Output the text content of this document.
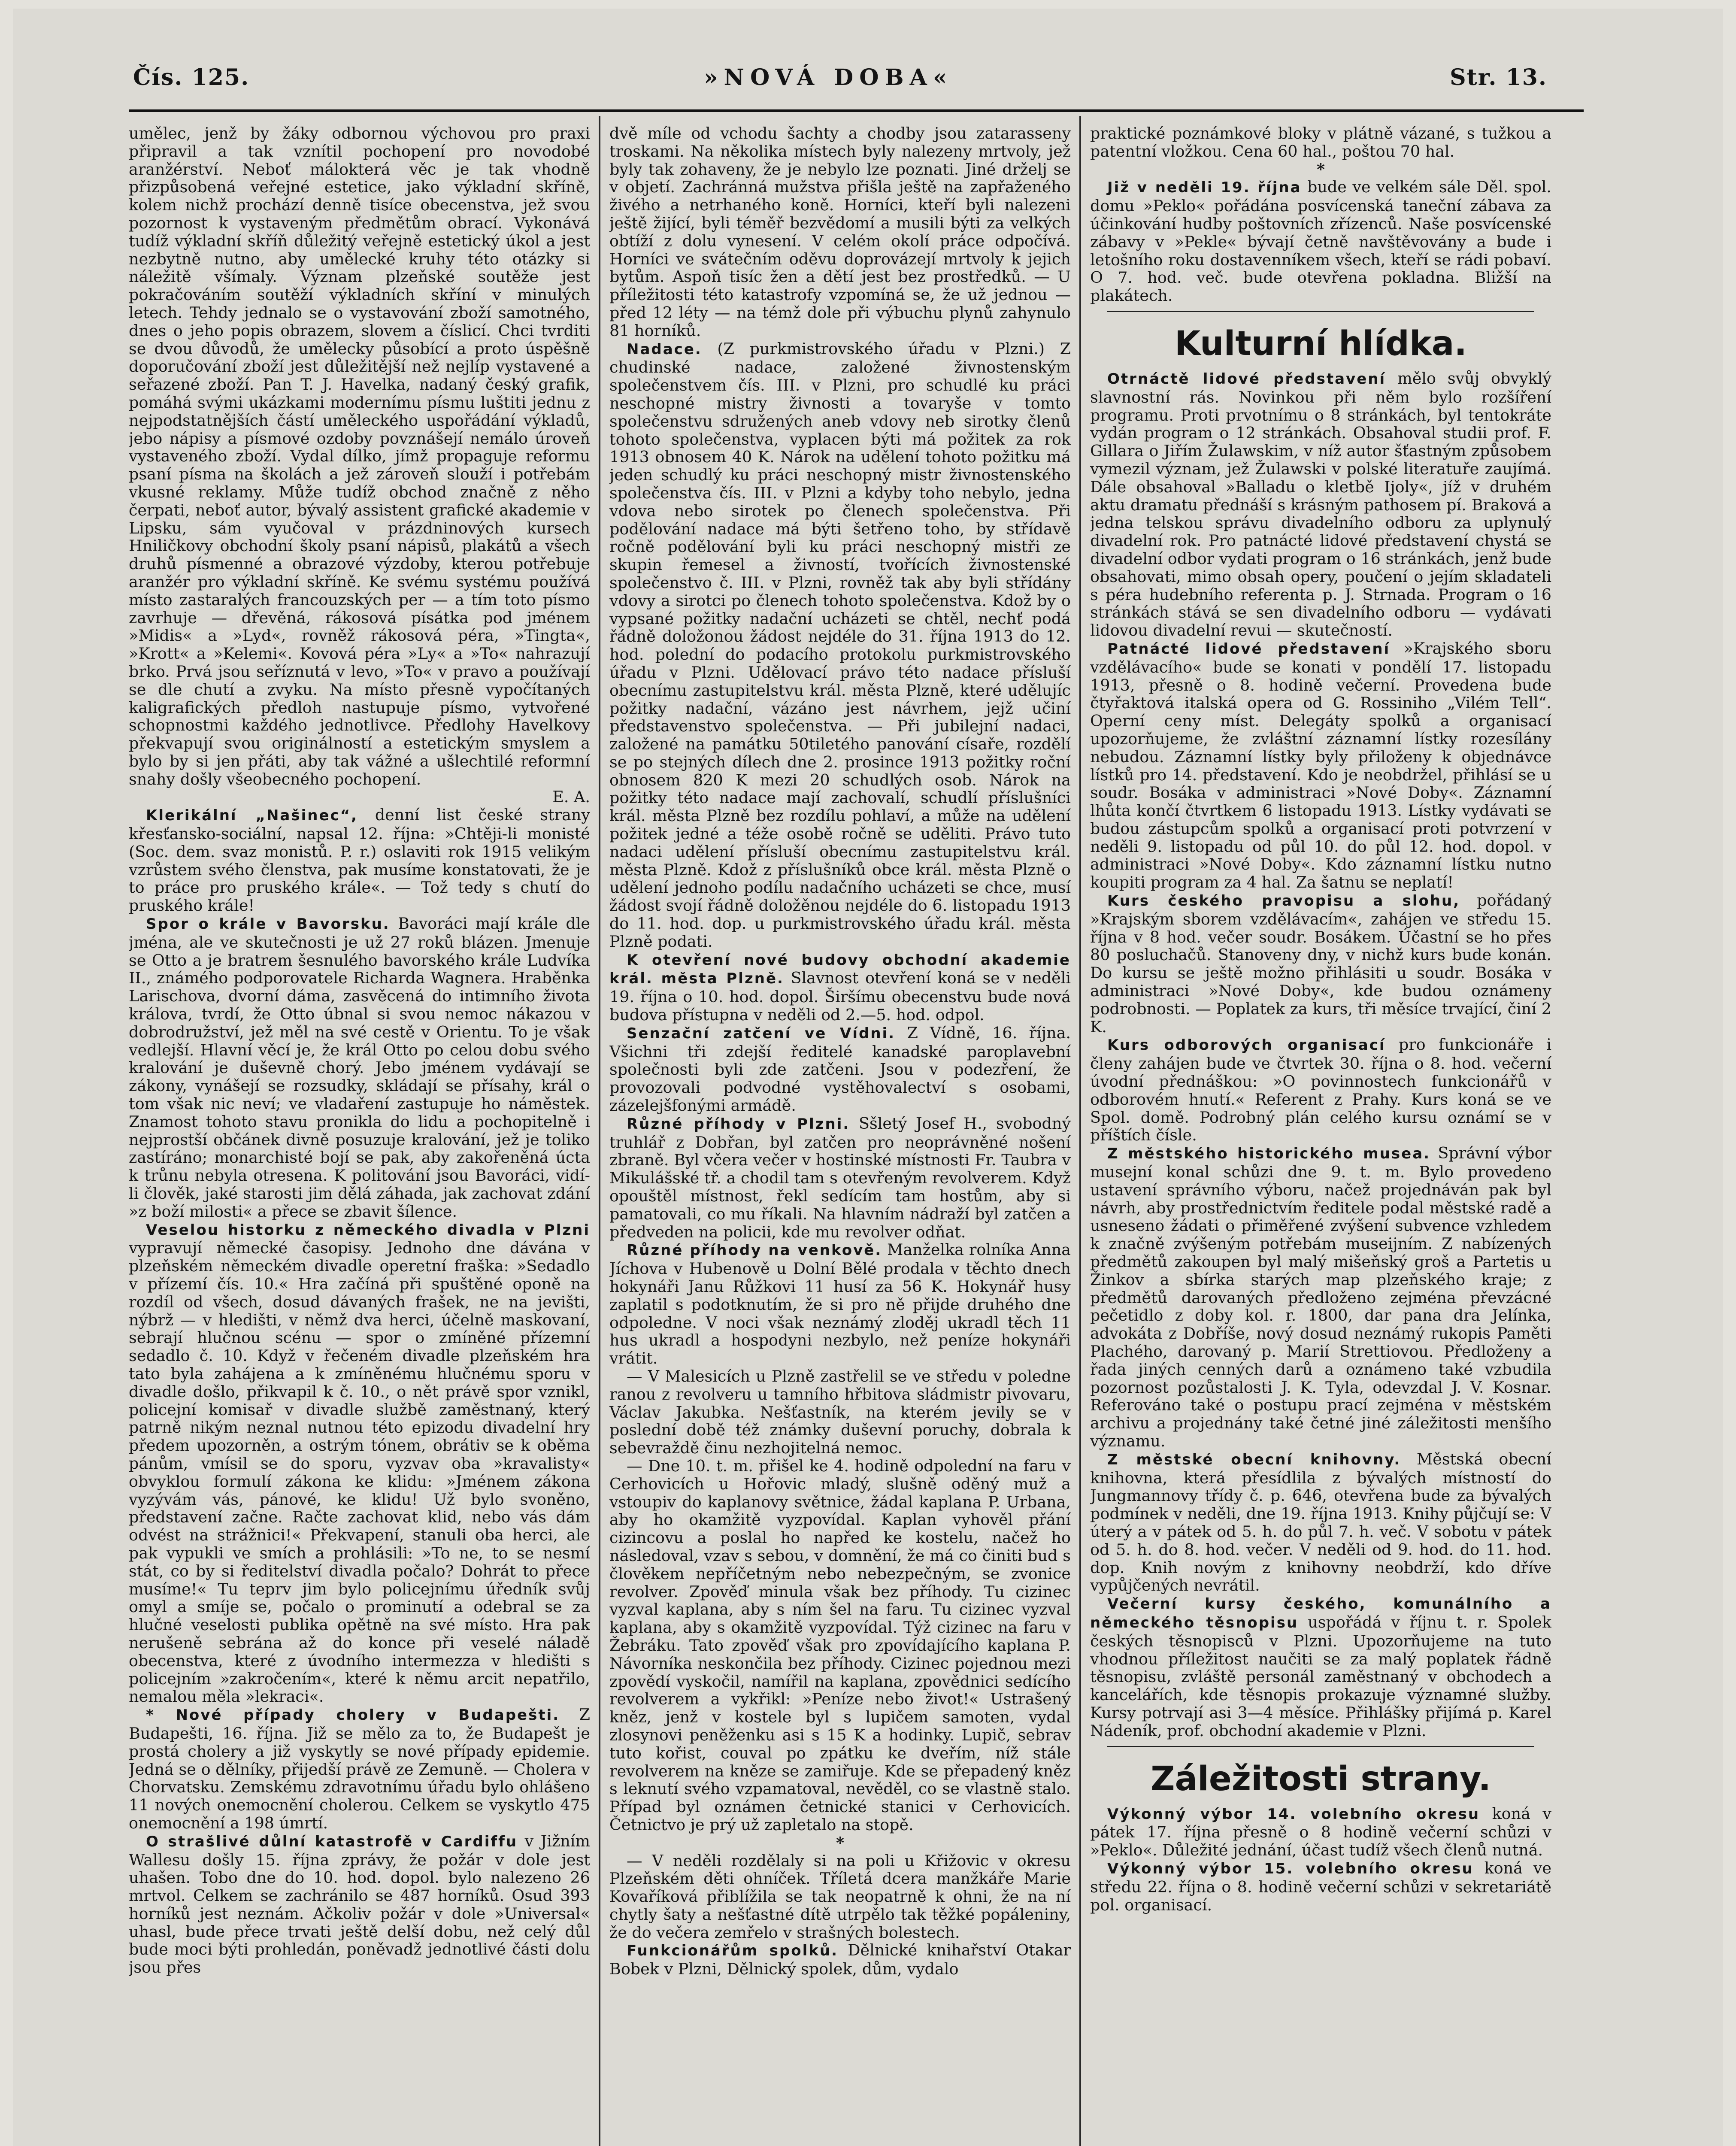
Čís. 125.	»NOVÁ DOBA«	Str. 13.

umělec, jenž by žáky odbornou výchovou pro praxi připravil a tak vznítil pochopení pro novodobé aranžérství. Neboť málokterá věc je tak vhodně přizpůsobená veřejné estetice, jako výkladní skříně, kolem nichž prochází denně tisíce obecenstva, jež svou pozornost k vystaveným předmětům obrací. Vykonává tudíž výkladní skříň důležitý veřejně estetický úkol a jest nezbytně nutno, aby umělecké kruhy této otázky si náležitě všímaly. Význam plzeňské soutěže jest pokračováním soutěží výkladních skříní v minulých letech. Tehdy jednalo se o vystavování zboží samotného, dnes o jeho popis obrazem, slovem a číslicí. Chci tvrditi se dvou důvodů, že umělecky působící a proto úspěšně doporučování zboží jest důležitější než nejlíp vystavené a seřazené zboží. Pan T. J. Havelka, nadaný český grafik, pomáhá svými ukázkami modernímu písmu luštiti jednu z nejpodstatnějších částí uměleckého uspořádání výkladů, jebo nápisy a písmové ozdoby povznášejí nemálo úroveň vystaveného zboží. Vydal dílko, jímž propaguje reformu psaní písma na školách a jež zároveň slouží i potřebám vkusné reklamy. Může tudíž obchod značně z něho čerpati, neboť autor, bývalý assistent grafické akademie v Lipsku, sám vyučoval v prázdninových kursech Hniličkovy obchodní školy psaní nápisů, plakátů a všech druhů písmenné a obrazové výzdoby, kterou potřebuje aranžér pro výkladní skříně. Ke svému systému používá místo zastaralých francouzských per — a tím toto písmo zavrhuje — dřevěná, rákosová písátka pod jménem »Midis« a »Lyd«, rovněž rákosová péra, »Tingta«, »Krott« a »Kelemi«. Kovová péra »Ly« a »To« nahrazují brko. Prvá jsou seříznutá v levo, »To« v pravo a používají se dle chutí a zvyku. Na místo přesně vypočítaných kaligrafických předloh nastupuje písmo, vytvořené schopnostmi každého jednotlivce. Předlohy Havelkovy překvapují svou originálností a estetickým smyslem a bylo by si jen přáti, aby tak vážné a ušlechtilé reformní snahy došly všeobecného pochopení.

E. A.

Klerikální „Našinec“, denní list české strany křesťansko-sociální, napsal 12. října: »Chtěji-li monisté (Soc. dem. svaz monistů. P. r.) oslaviti rok 1915 velikým vzrůstem svého členstva, pak musíme konstatovati, že je to práce pro pruského krále«. — Tož tedy s chutí do pruského krále!

Spor o krále v Bavorsku. Bavoráci mají krále dle jména, ale ve skutečnosti je už 27 roků blázen. Jmenuje se Otto a je bratrem šesnulého bavorského krále Ludvíka II., známého podporovatele Richarda Wagnera. Hraběnka Larischova, dvorní dáma, zasvěcená do intimního života králova, tvrdí, že Otto úbnal si svou nemoc nákazou v dobrodružství, jež měl na své cestě v Orientu. To je však vedlejší. Hlavní věcí je, že král Otto po celou dobu svého kralování je duševně chorý. Jebo jménem vydávají se zákony, vynášejí se rozsudky, skládají se přísahy, král o tom však nic neví; ve vladaření zastupuje ho náměstek. Znamost tohoto stavu pronikla do lidu a pochopitelně i nejprostší občánek divně posuzuje kralování, jež je toliko zastíráno; monarchisté bojí se pak, aby zakořeněná úcta k trůnu nebyla otresena. K politování jsou Bavoráci, vidí-li člověk, jaké starosti jim dělá záhada, jak zachovat zdání »z boží milosti« a přece se zbavit šílence.

Veselou historku z německého divadla v Plzni vypravují německé časopisy. Jednoho dne dávána v plzeňském německém divadle operetní fraška: »Sedadlo v přízemí čís. 10.« Hra začíná při spuštěné oponě na rozdíl od všech, dosud dávaných frašek, ne na jevišti, nýbrž — v hledišti, v němž dva herci, účelně maskovaní, sebrají hlučnou scénu — spor o zmíněné přízemní sedadlo č. 10. Když v řečeném divadle plzeňském hra tato byla zahájena a k zmíněnému hlučnému sporu v divadle došlo, přikvapil k č. 10., o nět právě spor vznikl, policejní komisař v divadle službě zaměstnaný, který patrně nikým neznal nutnou této epizodu divadelní hry předem upozorněn, a ostrým tónem, obrátiv se k oběma pánům, vmísil se do sporu, vyzvav oba »kravalisty« obvyklou formulí zákona ke klidu: »Jménem zákona vyzývám vás, pánové, ke klidu! Už bylo svoněno, představení začne. Račte zachovat klid, nebo vás dám odvést na strážnici!« Překvapení, stanuli oba herci, ale pak vypukli ve smích a prohlásili: »To ne, to se nesmí stát, co by si ředitelství divadla počalo? Dohrát to přece musíme!« Tu teprv jim bylo policejnímu úředník svůj omyl a smíje se, počalo o prominutí a odebral se za hlučné veselosti publika opětně na své místo. Hra pak nerušeně sebrána až do konce při veselé náladě obecenstva, které z úvodního intermezza v hledišti s policejním »zakročením«, které k němu arcit nepatřilo, nemalou měla »lekraci«.

* Nové případy cholery v Budapešti. Z Budapešti, 16. října. Již se mělo za to, že Budapešt je prostá cholery a již vyskytly se nové případy epidemie. Jedná se o dělníky, přijedší právě ze Zemuně. — Cholera v Chorvatsku. Zemskému zdravotnímu úřadu bylo ohlášeno 11 nových onemocnění cholerou. Celkem se vyskytlo 475 onemocnění a 198 úmrtí.

O strašlivé důlní katastrofě v Cardiffu v Jižním Wallesu došly 15. října zprávy, že požár v dole jest uhašen. Tobo dne do 10. hod. dopol. bylo nalezeno 26 mrtvol. Celkem se zachránilo se 487 horníků. Osud 393 horníků jest neznám. Ačkoliv požár v dole »Universal« uhasl, bude přece trvati ještě delší dobu, než celý důl bude moci býti prohledán, poněvadž jednotlivé části dolu jsou přes

dvě míle od vchodu šachty a chodby jsou zatarasseny troskami. Na několika místech byly nalezeny mrtvoly, jež byly tak zohaveny, že je nebylo lze poznati. Jiné drželj se v objetí. Zachránná mužstva přišla ještě na zapřaženého živého a netrhaného koně. Horníci, kteří byli nalezeni ještě žijící, byli téměř bezvědomí a musili býti za velkých obtíží z dolu vynesení. V celém okolí práce odpočívá. Horníci ve svátečním oděvu doprovázejí mrtvoly k jejich bytům. Aspoň tisíc žen a dětí jest bez prostředků. — U příležitosti této katastrofy vzpomíná se, že už jednou — před 12 léty — na témž dole při výbuchu plynů zahynulo 81 horníků.

Nadace. (Z purkmistrovského úřadu v Plzni.) Z chudinské nadace, založené živnostenským společenstvem čís. III. v Plzni, pro schudlé ku práci neschopné mistry živnosti a tovaryše v tomto společenstvu sdružených aneb vdovy neb sirotky členů tohoto společenstva, vyplacen býti má požitek za rok 1913 obnosem 40 K. Nárok na udělení tohoto požitku má jeden schudlý ku práci neschopný mistr živnostenského společenstva čís. III. v Plzni a kdyby toho nebylo, jedna vdova nebo sirotek po členech společenstva. Při podělování nadace má býti šetřeno toho, by střídavě ročně podělování byli ku práci neschopný mistři ze skupin řemesel a živností, tvořících živnostenské společenstvo č. III. v Plzni, rovněž tak aby byli střídány vdovy a sirotci po členech tohoto společenstva. Kdož by o vypsané požitky nadační ucházeti se chtěl, nechť podá řádně doložonou žádost nejdéle do 31. října 1913 do 12. hod. polední do podacího protokolu purkmistrovského úřadu v Plzni. Udělovací právo této nadace přísluší obecnímu zastupitelstvu král. města Plzně, které udělujíc požitky nadační, vázáno jest návrhem, jejž učiní představenstvo společenstva. — Při jubilejní nadaci, založené na památku 50tiletého panování císaře, rozdělí se po stejných dílech dne 2. prosince 1913 požitky roční obnosem 820 K mezi 20 schudlých osob. Nárok na požitky této nadace mají zachovalí, schudlí příslušníci král. města Plzně bez rozdílu pohlaví, a může na udělení požitek jedné a téže osobě ročně se uděliti. Právo tuto nadaci udělení přísluší obecnímu zastupitelstvu král. města Plzně. Kdož z příslušníků obce král. města Plzně o udělení jednoho podílu nadačního ucházeti se chce, musí žádost svojí řádně doložěnou nejdéle do 6. listopadu 1913 do 11. hod. dop. u purkmistrovského úřadu král. města Plzně podati.

K otevření nové budovy obchodní akademie král. města Plzně. Slavnost otevření koná se v neděli 19. října o 10. hod. dopol. Širšímu obecenstvu bude nová budova přístupna v neděli od 2.—5. hod. odpol.

Senzační zatčení ve Vídni. Z Vídně, 16. října. Všichni tři zdejší ředitelé kanadské paroplavební společnosti byli zde zatčeni. Jsou v podezření, že provozovali podvodné vystěhovalectví s osobami, zázelejšfonými armádě.

Různé příhody v Plzni. Sšletý Josef H., svobodný truhlář z Dobřan, byl zatčen pro neoprávněné nošení zbraně. Byl včera večer v hostinské místnosti Fr. Taubra v Mikulášské tř. a chodil tam s otevřeným revolverem. Když opouštěl místnost, řekl sedícím tam hostům, aby si pamatovali, co mu říkali. Na hlavním nádraží byl zatčen a předveden na policii, kde mu revolver odňat.

Různé příhody na venkově. Manželka rolníka Anna Jíchova v Hubenově u Dolní Bělé prodala v těchto dnech hokynáři Janu Růžkovi 11 husí za 56 K. Hokynář husy zaplatil s podotknutím, že si pro ně přijde druhého dne odpoledne. V noci však neznámý zloděj ukradl těch 11 hus ukradl a hospodyni nezbylo, než peníze hokynáři vrátit.

— V Malesicích u Plzně zastřelil se ve středu v poledne ranou z revolveru u tamního hřbitova sládmistr pivovaru, Václav Jakubka. Nešťastník, na kterém jevily se v poslední době též známky duševní poruchy, dobrala k sebevraždě činu nezhojitelná nemoc.

— Dne 10. t. m. přišel ke 4. hodině odpolední na faru v Cerhovicích u Hořovic mladý, slušně oděný muž a vstoupiv do kaplanovy světnice, žádal kaplana P. Urbana, aby ho okamžitě vyzpovídal. Kaplan vyhověl přání cizincovu a poslal ho napřed ke kostelu, načež ho následoval, vzav s sebou, v domnění, že má co činiti bud s člověkem nepříčetným nebo nebezpečným, se zvonice revolver. Zpověď minula však bez příhody. Tu cizinec vyzval kaplana, aby s ním šel na faru. Tu cizinec vyzval kaplana, aby s okamžitě vyzpovídal. Týž cizinec na faru v Žebráku. Tato zpověď však pro zpovídajícího kaplana P. Návorníka neskončila bez příhody. Cizinec pojednou mezi zpovědí vyskočil, namířil na kaplana, zpovědnici sedícího revolverem a vykřikl: »Peníze nebo život!« Ustrašený kněz, jenž v kostele byl s lupičem samoten, vydal zlosynovi peněženku asi s 15 K a hodinky. Lupič, sebrav tuto kořist, couval po zpátku ke dveřím, níž stále revolverem na kněze se zamiřuje. Kde se přepadený kněz s leknutí svého vzpamatoval, nevěděl, co se vlastně stalo. Případ byl oznámen četnické stanici v Cerhovicích. Četnictvo je prý už zapletalo na stopě.

*

— V neděli rozdělaly si na poli u Křižovic v okresu Plzeňském děti ohníček. Tříletá dcera manžkáře Marie Kovaříková přiblížila se tak neopatrně k ohni, že na ní chytly šaty a nešťastné dítě utrpělo tak těžké popáleniny, že do večera zemřelo v strašných bolestech.

Funkcionářům spolků. Dělnické knihařství Otakar Bobek v Plzni, Dělnický spolek, dům, vydalo

praktické poznámkové bloky v plátně vázané, s tužkou a patentní vložkou. Cena 60 hal., poštou 70 hal.

*

Již v neděli 19. října bude ve velkém sále Děl. spol. domu »Peklo« pořádána posvícenská taneční zábava za účinkování hudby poštovních zřízenců. Naše posvícenské zábavy v »Pekle« bývají četně navštěvovány a bude i letošního roku dostavenníkem všech, kteří se rádi pobaví. O 7. hod. več. bude otevřena pokladna. Bližší na plakátech.

Kulturní hlídka.

Otrnáctě lidové představení mělo svůj obvyklý slavnostní rás. Novinkou při něm bylo rozšíření programu. Proti prvotnímu o 8 stránkách, byl tentokráte vydán program o 12 stránkách. Obsahoval studii prof. F. Gillara o Jiřím Žulawskim, v níž autor šťastným způsobem vymezil význam, jež Žulawski v polské literatuře zaujímá. Dále obsahoval »Balladu o kletbě Ijoly«, jíž v druhém aktu dramatu přednáší s krásným pathosem pí. Braková a jedna telskou správu divadelního odboru za uplynulý divadelní rok. Pro patnácté lidové představení chystá se divadelní odbor vydati program o 16 stránkách, jenž bude obsahovati, mimo obsah opery, poučení o jejím skladateli s péra hudebního referenta p. J. Strnada. Program o 16 stránkách stává se sen divadelního odboru — vydávati lidovou divadelní revui — skutečností.

Patnácté lidové představení »Krajského sboru vzdělávacího« bude se konati v pondělí 17. listopadu 1913, přesně o 8. hodině večerní. Provedena bude čtyřaktová italská opera od G. Rossiniho „Vilém Tell“. Operní ceny míst. Delegáty spolků a organisací upozorňujeme, že zvláštní záznamní lístky rozesílány nebudou. Záznamní lístky byly přiloženy k objednávce lístků pro 14. představení. Kdo je neobdržel, přihlásí se u soudr. Bosáka v administraci »Nové Doby«. Záznamní lhůta končí čtvrtkem 6 listopadu 1913. Lístky vydávati se budou zástupcům spolků a organisací proti potvrzení v neděli 9. listopadu od půl 10. do půl 12. hod. dopol. v administraci »Nové Doby«. Kdo záznamní lístku nutno koupiti program za 4 hal. Za šatnu se neplatí!

Kurs českého pravopisu a slohu, pořádaný »Krajským sborem vzdělávacím«, zahájen ve středu 15. října v 8 hod. večer soudr. Bosákem. Účastní se ho přes 80 posluchačů. Stanoveny dny, v nichž kurs bude konán. Do kursu se ještě možno přihlásiti u soudr. Bosáka v administraci »Nové Doby«, kde budou oznámeny podrobnosti. — Poplatek za kurs, tři měsíce trvající, činí 2 K.

Kurs odborových organisací pro funkcionáře i členy zahájen bude ve čtvrtek 30. října o 8. hod. večerní úvodní přednáškou: »O povinnostech funkcionářů v odborovém hnutí.« Referent z Prahy. Kurs koná se ve Spol. domě. Podrobný plán celého kursu oznámí se v příštích čísle.

Z městského historického musea. Správní výbor musejní konal schůzi dne 9. t. m. Bylo provedeno ustavení správního výboru, načež projednáván pak byl návrh, aby prostřednictvím ředitele podal městské radě a usneseno žádati o přiměřené zvýšení subvence vzhledem k značně zvýšeným potřebám museijním. Z nabízených předmětů zakoupen byl malý mišeňský groš a Partetis u Žinkov a sbírka starých map plzeňského kraje; z předmětů darovaných předloženo zejména převzácné pečetidlo z doby kol. r. 1800, dar pana dra Jelínka, advokáta z Dobříše, nový dosud neznámý rukopis Paměti Plachého, darovaný p. Marií Strettiovou. Předloženy a řada jiných cenných darů a oznámeno také vzbudila pozornost pozůstalosti J. K. Tyla, odevzdal J. V. Kosnar. Referováno také o postupu prací zejména v městském archivu a projednány také četné jiné záležitosti menšího významu.

Z městské obecní knihovny. Městská obecní knihovna, která přesídlila z bývalých místností do Jungmannovy třídy č. p. 646, otevřena bude za bývalých podmínek v neděli, dne 19. října 1913. Knihy půjčují se: V úterý a v pátek od 5. h. do půl 7. h. več. V sobotu v pátek od 5. h. do 8. hod. večer. V neděli od 9. hod. do 11. hod. dop. Knih novým z knihovny neobdrží, kdo dříve vypůjčených nevrátil.

Večerní kursy českého, komunálního a německého těsnopisu uspořádá v říjnu t. r. Spolek českých těsnopisců v Plzni. Upozorňujeme na tuto vhodnou příležitost naučiti se za malý poplatek řádně těsnopisu, zvláště personál zaměstnaný v obchodech a kancelářích, kde těsnopis prokazuje významné služby. Kursy potrvají asi 3—4 měsíce. Přihlášky přijímá p. Karel Nádeník, prof. obchodní akademie v Plzni.

Záležitosti strany.

Výkonný výbor 14. volebního okresu koná v pátek 17. října přesně o 8 hodině večerní schůzi v »Peklo«. Důležité jednání, účast tudíž všech členů nutná.

Výkonný výbor 15. volebního okresu koná ve středu 22. října o 8. hodině večerní schůzi v sekretariátě pol. organisací.
